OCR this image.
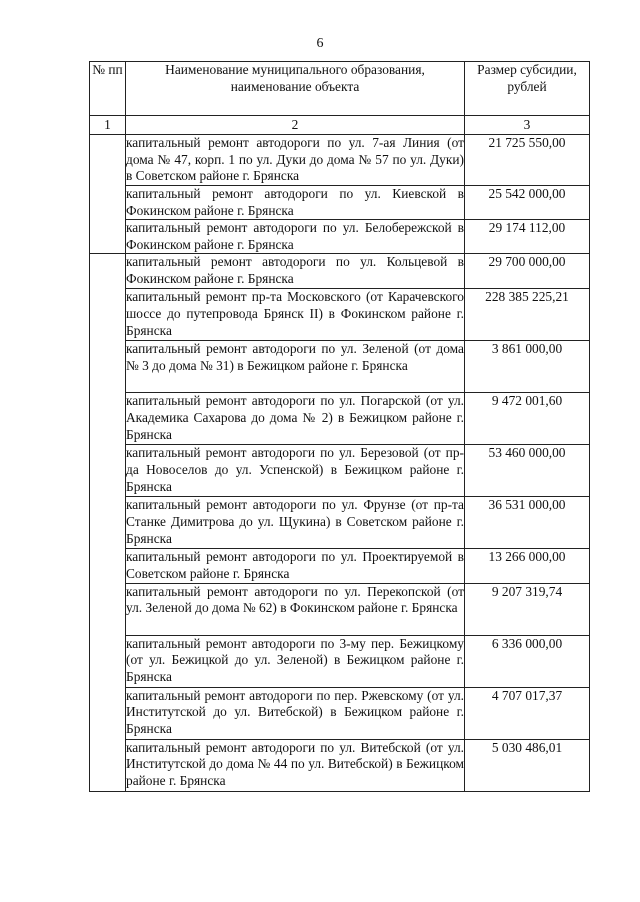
6
№ пп	Наименование муниципального образования, наименование объекта	Размер субсидии, рублей
1	2	3
	капитальный ремонт автодороги по ул. 7-ая Линия (от дома № 47, корп. 1 по ул. Дуки до дома № 57 по ул. Дуки) в Советском районе г. Брянска	21 725 550,00
	капитальный ремонт автодороги по ул. Киевской в Фокинском районе г. Брянска	25 542 000,00
	капитальный ремонт автодороги по ул. Белобережской в Фокинском районе г. Брянска	29 174 112,00
	капитальный ремонт автодороги по ул. Кольцевой в Фокинском районе г. Брянска	29 700 000,00
	капитальный ремонт пр-та Московского (от Карачевского шоссе до путепровода Брянск II) в Фокинском районе г. Брянска	228 385 225,21
	капитальный ремонт автодороги по ул. Зеленой (от дома № 3 до дома № 31) в Бежицком районе г. Брянска	3 861 000,00
	капитальный ремонт автодороги по ул. Погарской (от ул. Академика Сахарова до дома № 2) в Бежицком районе г. Брянска	9 472 001,60
	капитальный ремонт автодороги по ул. Березовой (от пр-да Новоселов до ул. Успенской) в Бежицком районе г. Брянска	53 460 000,00
	капитальный ремонт автодороги по ул. Фрунзе (от пр-та Станке Димитрова до ул. Щукина) в Советском районе г. Брянска	36 531 000,00
	капитальный ремонт автодороги по ул. Проектируемой в Советском районе г. Брянска	13 266 000,00
	капитальный ремонт автодороги по ул. Перекопской (от ул. Зеленой до дома № 62) в Фокинском районе г. Брянска	9 207 319,74
	капитальный ремонт автодороги по 3-му пер. Бежицкому (от ул. Бежицкой до ул. Зеленой) в Бежицком районе г. Брянска	6 336 000,00
	капитальный ремонт автодороги по пер. Ржевскому (от ул. Институтской до ул. Витебской) в Бежицком районе г. Брянска	4 707 017,37
	капитальный ремонт автодороги по ул. Витебской (от ул. Институтской до дома № 44 по ул. Витебской) в Бежицком районе г. Брянска	5 030 486,01
